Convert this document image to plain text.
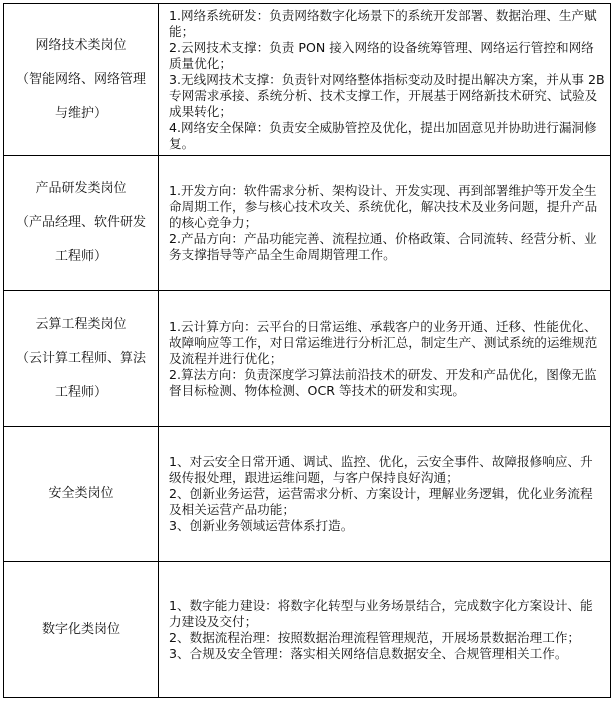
网络技术类岗位
（智能网络、网络管理
与维护）	1.网络系统研发：负责网络数字化场景下的系统开发部署、数据治理、生产赋能；
2.云网技术支撑：负责 PON 接入网络的设备统筹管理、网络运行管控和网络质量优化；
3.无线网技术支撑：负责针对网络整体指标变动及时提出解决方案，并从事 2B 专网需求承接、系统分析、技术支撑工作，开展基于网络新技术研究、试验及成果转化；
4.网络安全保障：负责安全威胁管控及优化，提出加固意见并协助进行漏洞修复。

产品研发类岗位
（产品经理、软件研发
工程师）	1.开发方向：软件需求分析、架构设计、开发实现、再到部署维护等开发全生命周期工作，参与核心技术攻关、系统优化，解决技术及业务问题，提升产品的核心竞争力；
2.产品方向：产品功能完善、流程拉通、价格政策、合同流转、经营分析、业务支撑指导等产品全生命周期管理工作。

云算工程类岗位
（云计算工程师、算法
工程师）	1.云计算方向：云平台的日常运维、承载客户的业务开通、迁移、性能优化、故障响应等工作，对日常运维进行分析汇总，制定生产、测试系统的运维规范及流程并进行优化；
2.算法方向：负责深度学习算法前沿技术的研发、开发和产品优化，图像无监督目标检测、物体检测、OCR 等技术的研发和实现。

安全类岗位	1、对云安全日常开通、调试、监控、优化，云安全事件、故障报修响应、升级传报处理，跟进运维问题，与客户保持良好沟通；
2、创新业务运营，运营需求分析、方案设计，理解业务逻辑，优化业务流程及相关运营产品功能；
3、创新业务领域运营体系打造。

数字化类岗位	1、数字能力建设：将数字化转型与业务场景结合，完成数字化方案设计、能力建设及交付；
2、数据流程治理：按照数据治理流程管理规范，开展场景数据治理工作；
3、合规及安全管理：落实相关网络信息数据安全、合规管理相关工作。
